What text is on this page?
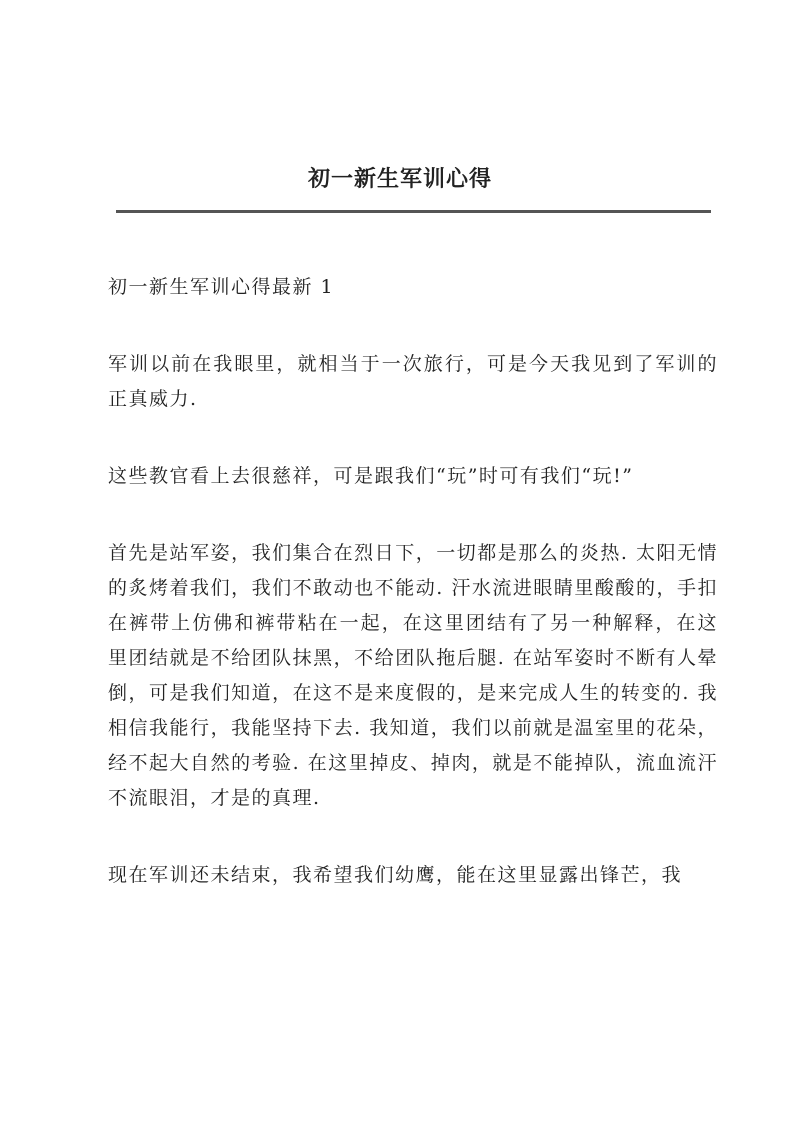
初一新生军训心得

初一新生军训心得最新 1

军训以前在我眼里，就相当于一次旅行，可是今天我见到了军训的正真威力.

这些教官看上去很慈祥，可是跟我们“玩”时可有我们“玩!”

首先是站军姿，我们集合在烈日下，一切都是那么的炎热. 太阳无情的炙烤着我们，我们不敢动也不能动. 汗水流进眼睛里酸酸的，手扣在裤带上仿佛和裤带粘在一起，在这里团结有了另一种解释，在这里团结就是不给团队抹黑，不给团队拖后腿. 在站军姿时不断有人晕倒，可是我们知道，在这不是来度假的，是来完成人生的转变的. 我相信我能行，我能坚持下去. 我知道，我们以前就是温室里的花朵，经不起大自然的考验. 在这里掉皮、掉肉，就是不能掉队，流血流汗不流眼泪，才是的真理.

现在军训还未结束，我希望我们幼鹰，能在这里显露出锋芒，我
